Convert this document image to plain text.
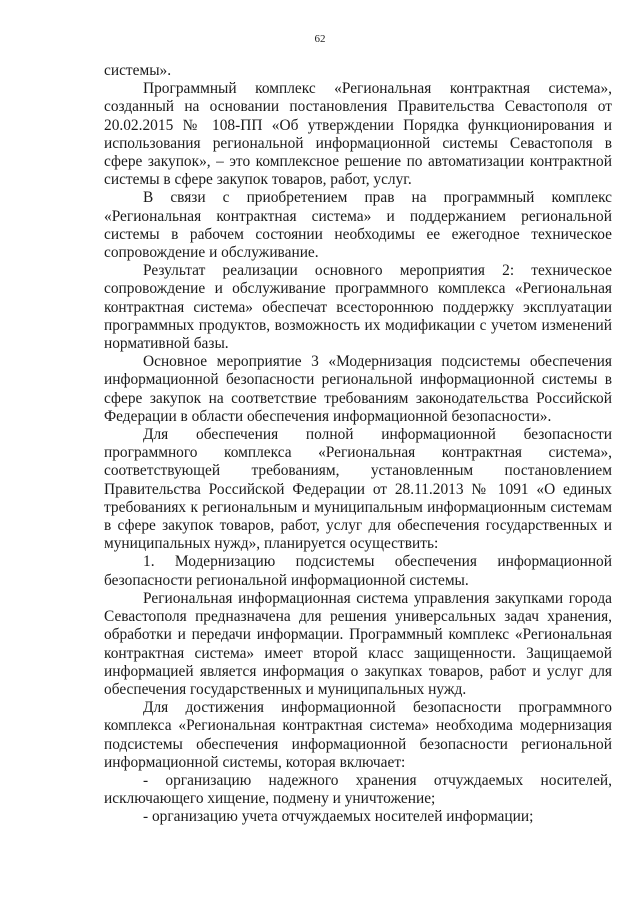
62

системы».

Программный комплекс «Региональная контрактная система», созданный на основании постановления Правительства Севастополя от 20.02.2015 № 108-ПП «Об утверждении Порядка функционирования и использования региональной информационной системы Севастополя в сфере закупок», – это комплексное решение по автоматизации контрактной системы в сфере закупок товаров, работ, услуг.

В связи с приобретением прав на программный комплекс «Региональная контрактная система» и поддержанием региональной системы в рабочем состоянии необходимы ее ежегодное техническое сопровождение и обслуживание.

Результат реализации основного мероприятия 2: техническое сопровождение и обслуживание программного комплекса «Региональная контрактная система» обеспечат всестороннюю поддержку эксплуатации программных продуктов, возможность их модификации с учетом изменений нормативной базы.

Основное мероприятие 3 «Модернизация подсистемы обеспечения информационной безопасности региональной информационной системы в сфере закупок на соответствие требованиям законодательства Российской Федерации в области обеспечения информационной безопасности».

Для обеспечения полной информационной безопасности программного комплекса «Региональная контрактная система», соответствующей требованиям, установленным постановлением Правительства Российской Федерации от 28.11.2013 № 1091 «О единых требованиях к региональным и муниципальным информационным системам в сфере закупок товаров, работ, услуг для обеспечения государственных и муниципальных нужд», планируется осуществить:

1. Модернизацию подсистемы обеспечения информационной безопасности региональной информационной системы.

Региональная информационная система управления закупками города Севастополя предназначена для решения универсальных задач хранения, обработки и передачи информации. Программный комплекс «Региональная контрактная система» имеет второй класс защищенности. Защищаемой информацией является информация о закупках товаров, работ и услуг для обеспечения государственных и муниципальных нужд.

Для достижения информационной безопасности программного комплекса «Региональная контрактная система» необходима модернизация подсистемы обеспечения информационной безопасности региональной информационной системы, которая включает:

- организацию надежного хранения отчуждаемых носителей, исключающего хищение, подмену и уничтожение;

- организацию учета отчуждаемых носителей информации;
